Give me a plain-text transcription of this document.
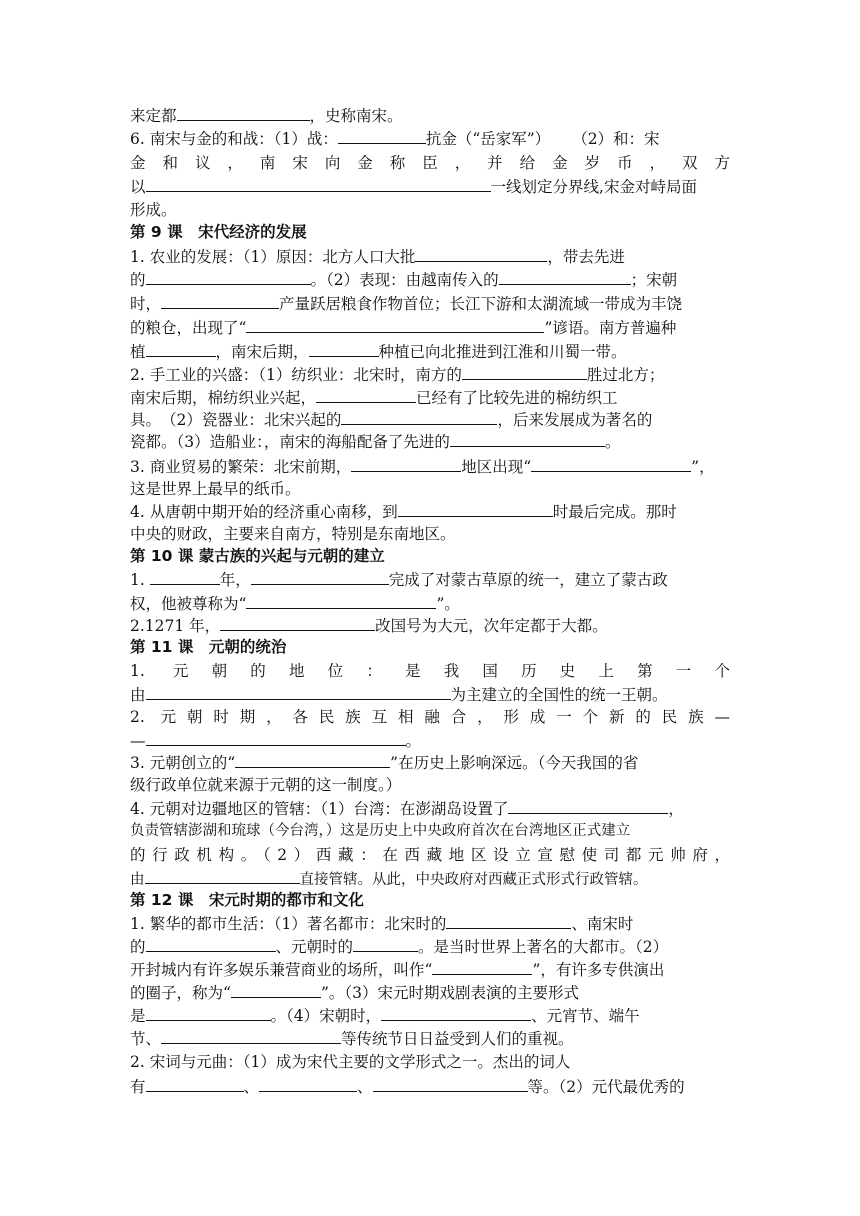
来定都	，史称南宋。
6. 南宋与金的和战：（1）战：	抗金（“岳家军”） （2）和：宋
金和议，南宋向金称臣，并给金岁币，双方
以	一线划定分界线,宋金对峙局面
形成。
第 9 课　宋代经济的发展
1. 农业的发展：（1）原因：北方人口大批	，带去先进
的	。（2）表现：由越南传入的	；宋朝
时，	产量跃居粮食作物首位；长江下游和太湖流域一带成为丰饶
的粮仓，出现了“	”谚语。南方普遍种
植	，南宋后期，	种植已向北推进到江淮和川蜀一带。
2. 手工业的兴盛：（1）纺织业：北宋时，南方的	胜过北方；
南宋后期，棉纺织业兴起，	已经有了比较先进的棉纺织工
具。　（2）瓷器业：北宋兴起的	，后来发展成为著名的
瓷都。（3）造船业：，南宋的海船配备了先进的	。
3. 商业贸易的繁荣：北宋前期，	地区出现“	”，
这是世界上最早的纸币。
4. 从唐朝中期开始的经济重心南移，到	时最后完成。那时
中央的财政，主要来自南方，特别是东南地区。
第 10 课 蒙古族的兴起与元朝的建立
1.	年，	完成了对蒙古草原的统一，建立了蒙古政
权，他被尊称为“	”。
2.1271 年，	改国号为大元，次年定都于大都。
第 11 课　元朝的统治
1. 元朝的地位：是我国历史上第一个
由	为主建立的全国性的统一王朝。
2. 元朝时期，各民族互相融合，形成一个新的民族—
—	。
3. 元朝创立的“	”在历史上影响深远。（今天我国的省
级行政单位就来源于元朝的这一制度。）
4. 元朝对边疆地区的管辖：（1）台湾：在澎湖岛设置了	，
负责管辖澎湖和琉球（今台湾，）这是历史上中央政府首次在台湾地区正式建立
的行政机构。（2）西藏：在西藏地区设立宣慰使司都元帅府，
由	直接管辖。从此，中央政府对西藏正式形式行政管辖。
第 12 课　宋元时期的都市和文化
1. 繁华的都市生活：（1）著名都市：北宋时的	、南宋时
的	、元朝时的	。是当时世界上著名的大都市。（2）
开封城内有许多娱乐兼营商业的场所，叫作“	”，有许多专供演出
的圈子，称为“	”。（3）宋元时期戏剧表演的主要形式
是	。（4）宋朝时，	、元宵节、端午
节、	等传统节日日益受到人们的重视。
2. 宋词与元曲：（1）成为宋代主要的文学形式之一。杰出的词人
有	、	、	等。（2）元代最优秀的
